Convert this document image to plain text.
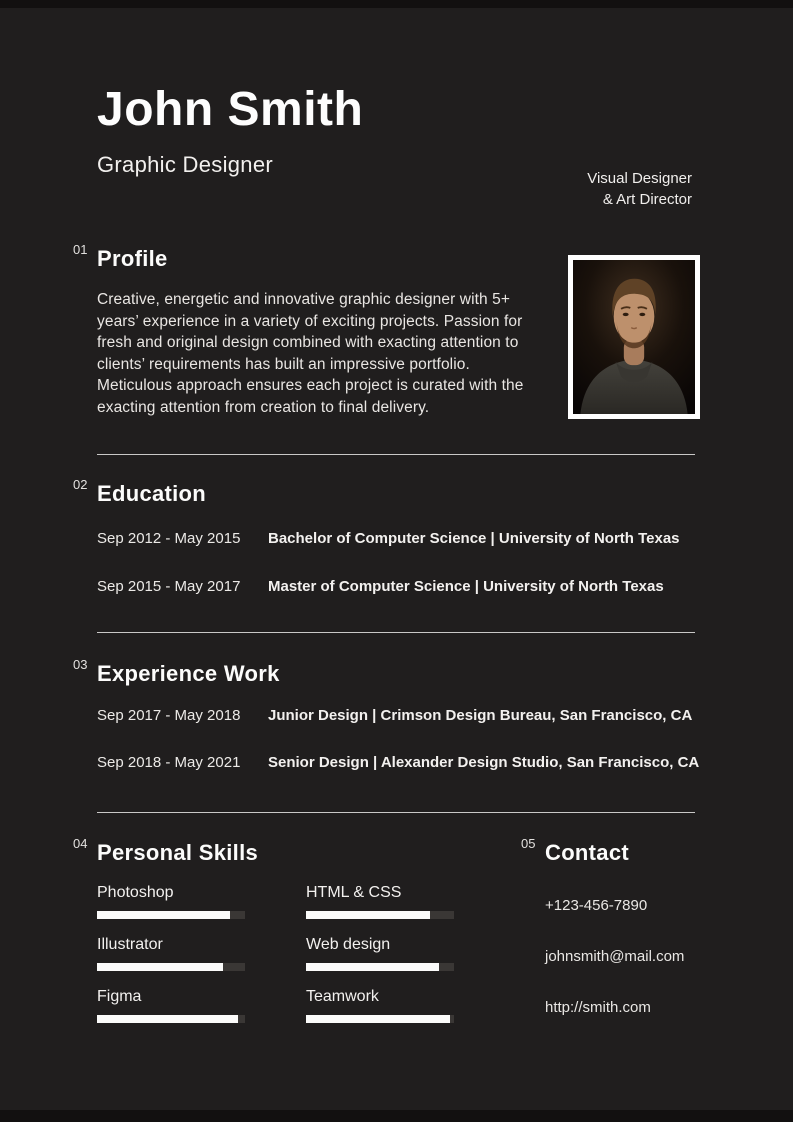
John Smith
Graphic Designer
Visual Designer
& Art Director
01 Profile
Creative, energetic and innovative graphic designer with 5+ years’ experience in a variety of exciting projects. Passion for fresh and original design combined with exacting attention to clients’ requirements has built an impressive portfolio. Meticulous approach ensures each project is curated with the exacting attention from creation to final delivery.
02 Education
Sep 2012 - May 2015	Bachelor of Computer Science | University of North Texas
Sep 2015 - May 2017	Master of Computer Science | University of North Texas
03 Experience Work
Sep 2017 - May 2018	Junior Design | Crimson Design Bureau, San Francisco, CA
Sep 2018 - May 2021	Senior Design | Alexander Design Studio, San Francisco, CA
04 Personal Skills
Photoshop	HTML & CSS
Illustrator	Web design
Figma	Teamwork
05 Contact
+123-456-7890
johnsmith@mail.com
http://smith.com
